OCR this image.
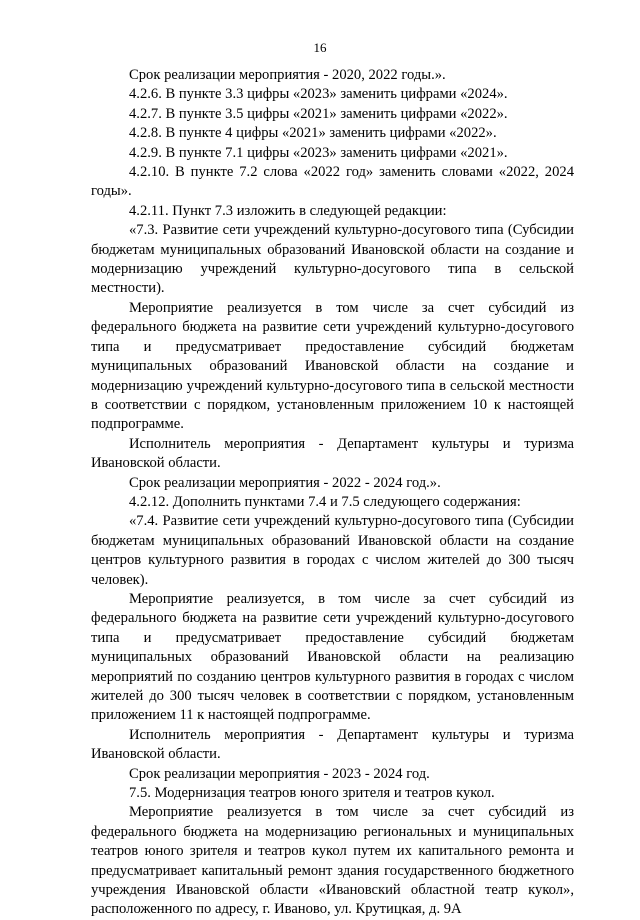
16

Срок реализации мероприятия - 2020, 2022 годы.».

4.2.6. В пункте 3.3 цифры «2023» заменить цифрами «2024».

4.2.7. В пункте 3.5 цифры «2021» заменить цифрами «2022».

4.2.8. В пункте 4 цифры «2021» заменить цифрами «2022».

4.2.9. В пункте 7.1 цифры «2023» заменить цифрами «2021».

4.2.10. В пункте 7.2 слова «2022 год» заменить словами «2022, 2024 годы».

4.2.11. Пункт 7.3 изложить в следующей редакции:

«7.3. Развитие сети учреждений культурно-досугового типа (Субсидии бюджетам муниципальных образований Ивановской области на создание и модернизацию учреждений культурно-досугового типа в сельской местности).

Мероприятие реализуется в том числе за счет субсидий из федерального бюджета на развитие сети учреждений культурно-досугового типа и предусматривает предоставление субсидий бюджетам муниципальных образований Ивановской области на создание и модернизацию учреждений культурно-досугового типа в сельской местности в соответствии с порядком, установленным приложением 10 к настоящей подпрограмме.

Исполнитель мероприятия - Департамент культуры и туризма Ивановской области.

Срок реализации мероприятия - 2022 - 2024 год.».

4.2.12. Дополнить пунктами 7.4 и 7.5 следующего содержания:

«7.4. Развитие сети учреждений культурно-досугового типа (Субсидии бюджетам муниципальных образований Ивановской области на создание центров культурного развития в городах с числом жителей до 300 тысяч человек).

Мероприятие реализуется, в том числе за счет субсидий из федерального бюджета на развитие сети учреждений культурно-досугового типа и предусматривает предоставление субсидий бюджетам муниципальных образований Ивановской области на реализацию мероприятий по созданию центров культурного развития в городах с числом жителей до 300 тысяч человек в соответствии с порядком, установленным приложением 11 к настоящей подпрограмме.

Исполнитель мероприятия - Департамент культуры и туризма Ивановской области.

Срок реализации мероприятия - 2023 - 2024 год.

7.5. Модернизация театров юного зрителя и театров кукол.

Мероприятие реализуется в том числе за счет субсидий из федерального бюджета на модернизацию региональных и муниципальных театров юного зрителя и театров кукол путем их капитального ремонта и предусматривает капитальный ремонт здания государственного бюджетного учреждения Ивановской области «Ивановский областной театр кукол», расположенного по адресу, г. Иваново, ул. Крутицкая, д. 9А
